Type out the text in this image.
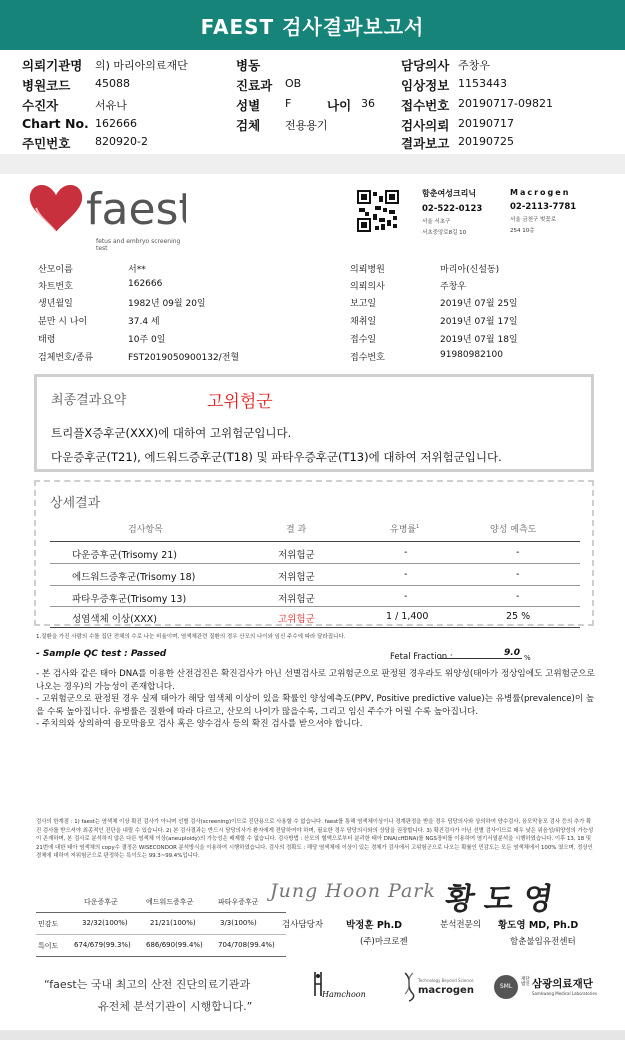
FAEST 검사결과보고서
의뢰기관명 의) 마리아의료재단
병원코드 45088
수진자	서유나
Chart No. 162666
주민번호 820920-2
병동
진료과 OB
성별 F	나이 36
검체 전용용기
담당의사 주창우
임상정보 1153443
접수번호 20190717-09821
검사의뢰 20190717
결과보고 20190725
faest
fetus and embryo screening test
함춘여성크리닉
02-522-0123
서울 서초구
서초중앙로8길 10
Macrogen
02-2113-7781
서울 금천구 벚꽃로
254 10층
산모이름	서**
차트번호	162666
생년월일	1982년 09월 20일
분만 시 나이	37.4 세
태령	10주 0일
검체번호/종류	FST2019050900132/전혈
의뢰병원	마리아(신설동)
의뢰의사	주창우
보고일	2019년 07월 25일
채취일	2019년 07월 17일
접수일	2019년 07월 18일
접수번호	91980982100
최종결과요약	고위험군
트리플X증후군(XXX)에 대하여 고위험군입니다.
다운증후군(T21), 에드워드증후군(T18) 및 파타우증후군(T13)에 대하여 저위험군입니다.
상세결과
검사항목	결 과	유병률$^1$	양성 예측도
다운증후군(Trisomy 21)	저위험군	-	-
에드워드증후군(Trisomy 18)	저위험군	-	-
파타우증후군(Trisomy 13)	저위험군	-	-
성염색체 이상(XXX)	고위험군	1 / 1,400	25 %
1.질환을 가진 사람의 수를 집단 전체의 수로 나눈 비율이며, 염색체관련 질환의 경우 산모의 나이와 임신 주수에 따라 달라집니다.
- Sample QC test : Passed	Fetal Fraction :	9.0 %
- 본 검사와 같은 태아 DNA를 이용한 산전검진은 확진검사가 아닌 선별검사로 고위험군으로 판정된 경우라도 위양성(태아가 정상임에도 고위험군으로 나오는 경우)의 가능성이 존재합니다.
- 고위험군으로 판정된 경우 실제 태아가 해당 염색체 이상이 있을 확률인 양성예측도(PPV, Positive predictive value)는 유병률(prevalence)이 높을 수록 높아집니다. 유병률은 질환에 따라 다르고, 산모의 나이가 많을수록, 그리고 임신 주수가 어릴 수록 높아집니다.
- 주치의와 상의하여 융모막융모 검사 혹은 양수검사 등의 확진 검사를 받으셔야 합니다.
검사의 한계점 : 1) faest는 염색체 이상 확진 검사가 아니며 선별 검사(screening)이므로 진단용으로 사용할 수 없습니다. faest를 통해 염색체이상이나 경계판정을 받을 경우 담당의사와 상의하여 양수검사, 융모막융모 검사 등의 추가 확진 검사를 받으셔야 최종적인 진단을 내릴 수 있습니다. 2) 본 검사결과는 반드시 담당의사가 환자에게 전달하여야 하며, 필요한 경우 담당의사와의 상담을 권장합니다. 3) 확진검사가 아닌 선별 검사이므로 매우 낮은 위음성/위양성의 가능성이 존재하며, 본 검사로 분석하지 않은 다른 염색체 이상(aneuploidy)의 가능성은 배제할 수 없습니다. 검사방법 : 산모의 혈액으로부터 분리한 태아 DNA(cffDNA)를 NGS장비를 이용하여 염기서열분석을 시행하였습니다. 이후 13, 18 및 21번에 대한 태아 염색체의 copy수 결정은 WISECONDOR 분석방식을 이용하여 시행하였습니다. 검사의 정확도 : 해당 염색체에 이상이 있는 경체가 검사에서 고위험군으로 나오는 확률인 민감도는 모든 염색체에서 100% 였으며, 정상인 경체에 대하여 저위험군으로 판정하는 특이도는 99.3~99.4%입니다.
다운증후군	에드워드증후군	파타우증후군
민감도	32/32(100%)	21/21(100%)	3/3(100%)
특이도 674/679(99.3%) 686/690(99.4%) 704/708(99.4%)
Jung Hoon Park 황도영
검사담당자 박정훈 Ph.D
(주)마크로젠
분석전문의 황도영 MD, Ph.D
함춘불임유전센터
“faest는 국내 최고의 산전 진단의료기관과
유전체 분석기관이 시행합니다.”
Hamchoon
Technology Beyond Science
macrogen	SML
재단법인 삼광의료재단
Samkwang Medical Laboratories
